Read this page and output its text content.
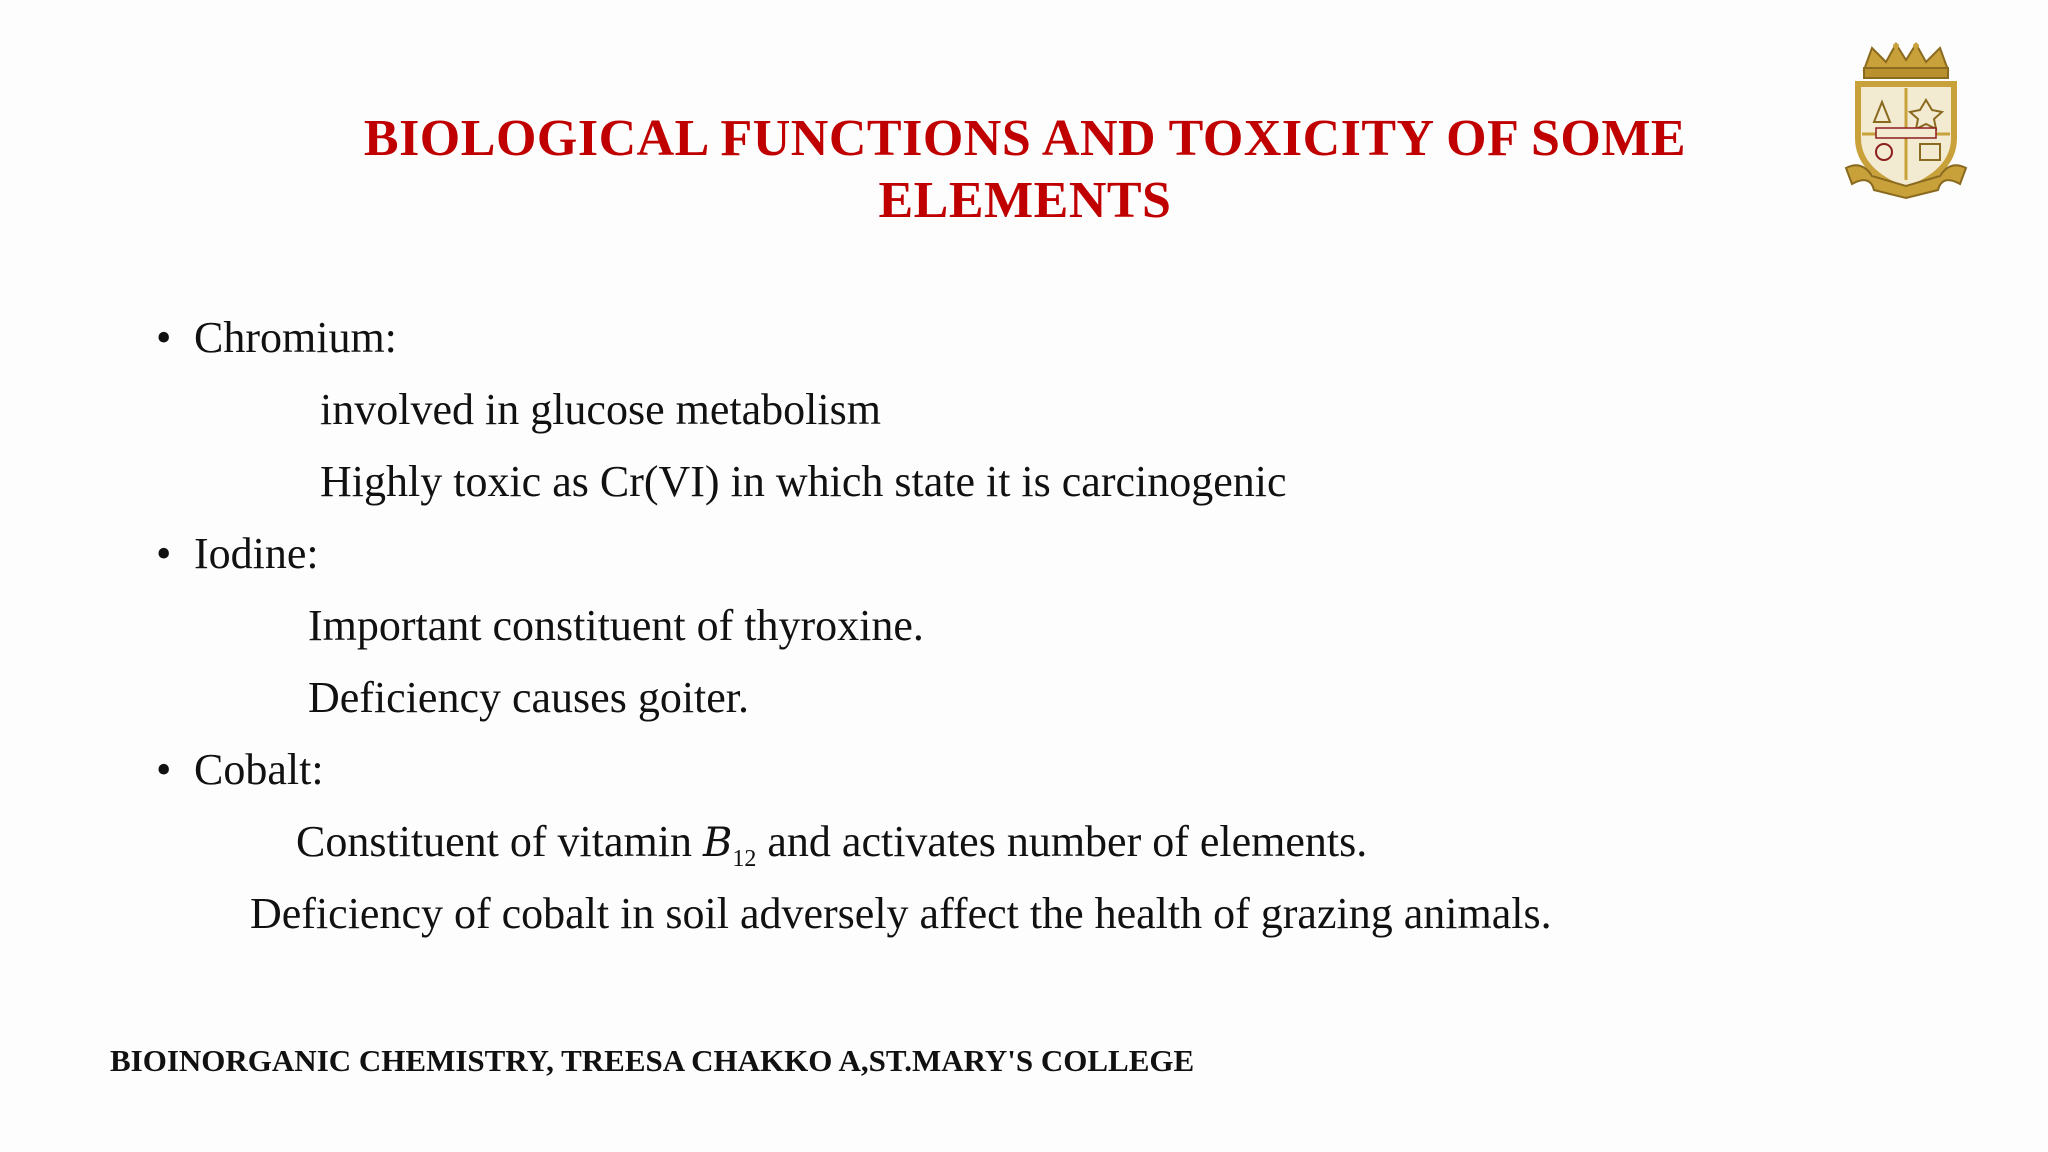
BIOLOGICAL FUNCTIONS AND TOXICITY OF SOME
ELEMENTS
• Chromium:
involved in glucose metabolism
Highly toxic as Cr(VI) in which state it is carcinogenic
• Iodine:
Important constituent of thyroxine.
Deficiency causes goiter.
• Cobalt:
Constituent of vitamin $B_{12}$ and activates number of elements.
Deficiency of cobalt in soil adversely affect the health of grazing animals.
BIOINORGANIC CHEMISTRY, TREESA CHAKKO A,ST.MARY'S COLLEGE
